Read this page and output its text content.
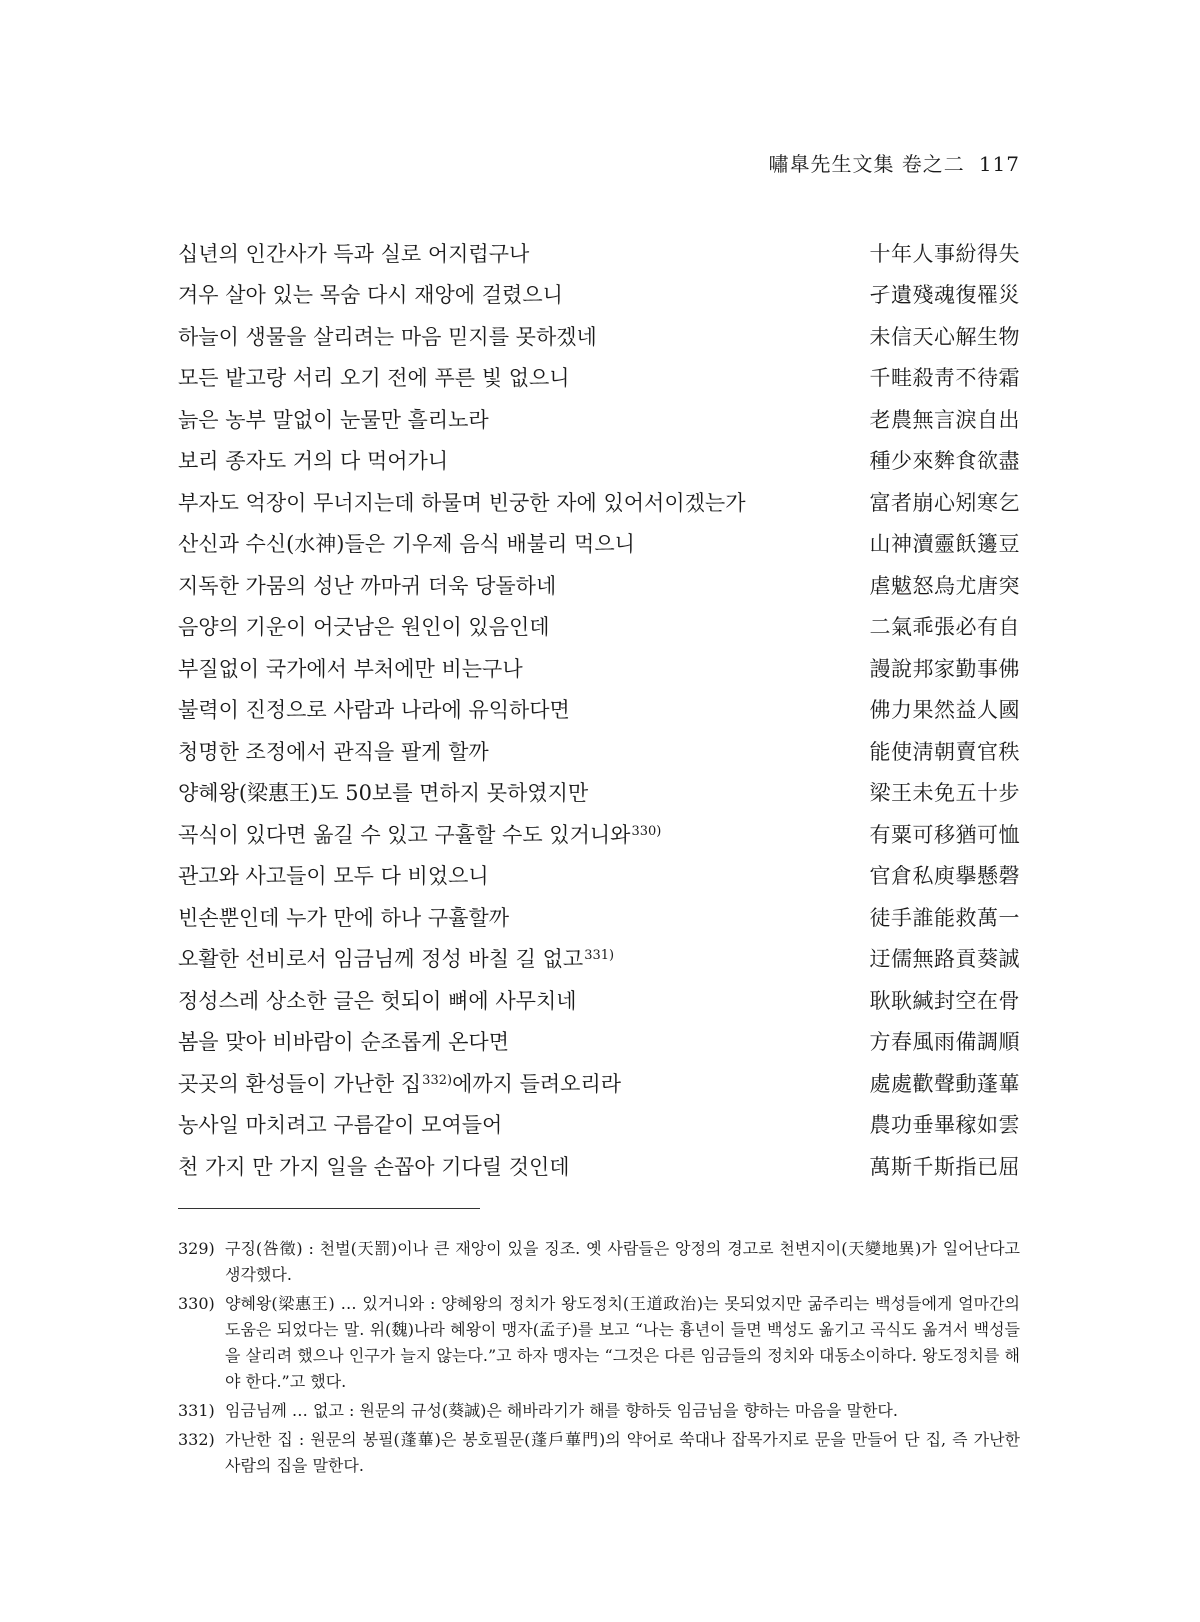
嘯臯先生文集 卷之二 117
십년의 인간사가 득과 실로 어지럽구나	十年人事紛得失
겨우 살아 있는 목숨 다시 재앙에 걸렸으니	孑遺殘魂復罹災
하늘이 생물을 살리려는 마음 믿지를 못하겠네	未信天心解生物
모든 밭고랑 서리 오기 전에 푸른 빛 없으니	千畦殺靑不待霜
늙은 농부 말없이 눈물만 흘리노라	老農無言淚自出
보리 종자도 거의 다 먹어가니	種少來麰食欲盡
부자도 억장이 무너지는데 하물며 빈궁한 자에 있어서이겠는가	富者崩心矧寒乞
산신과 수신(水神)들은 기우제 음식 배불리 먹으니	山神瀆靈飫籩豆
지독한 가뭄의 성난 까마귀 더욱 당돌하네	虐魃怒烏尤唐突
음양의 기운이 어긋남은 원인이 있음인데	二氣乖張必有自
부질없이 국가에서 부처에만 비는구나	謾說邦家勤事佛
불력이 진정으로 사람과 나라에 유익하다면	佛力果然益人國
청명한 조정에서 관직을 팔게 할까	能使淸朝賣官秩
양혜왕(梁惠王)도 50보를 면하지 못하였지만	梁王未免五十步
곡식이 있다면 옮길 수 있고 구휼할 수도 있거니와$^{330)}$	有粟可移猶可恤
관고와 사고들이 모두 다 비었으니	官倉私庾擧懸磬
빈손뿐인데 누가 만에 하나 구휼할까	徒手誰能救萬一
오활한 선비로서 임금님께 정성 바칠 길 없고$^{331)}$	迂儒無路貢葵誠
정성스레 상소한 글은 헛되이 뼈에 사무치네	耿耿緘封空在骨
봄을 맞아 비바람이 순조롭게 온다면	方春風雨備調順
곳곳의 환성들이 가난한 집$^{332)}$에까지 들려오리라	處處歡聲動蓬蓽
농사일 마치려고 구름같이 모여들어	農功垂畢稼如雲
천 가지 만 가지 일을 손꼽아 기다릴 것인데	萬斯千斯指已屈
329) 구징(咎徵) : 천벌(天罰)이나 큰 재앙이 있을 징조. 옛 사람들은 앙정의 경고로 천변지이(天變地異)가 일어난다고 생각했다.
330) 양혜왕(梁惠王) … 있거니와 : 양혜왕의 정치가 왕도정치(王道政治)는 못되었지만 굶주리는 백성들에게 얼마간의 도움은 되었다는 말. 위(魏)나라 혜왕이 맹자(孟子)를 보고 “나는 흉년이 들면 백성도 옮기고 곡식도 옮겨서 백성들을 살리려 했으나 인구가 늘지 않는다.”고 하자 맹자는 “그것은 다른 임금들의 정치와 대동소이하다. 왕도정치를 해야 한다.”고 했다.
331) 임금님께 … 없고 : 원문의 규성(葵誠)은 해바라기가 해를 향하듯 임금님을 향하는 마음을 말한다.
332) 가난한 집 : 원문의 봉필(蓬蓽)은 봉호필문(蓬戶蓽門)의 약어로 쑥대나 잡목가지로 문을 만들어 단 집, 즉 가난한 사람의 집을 말한다.
